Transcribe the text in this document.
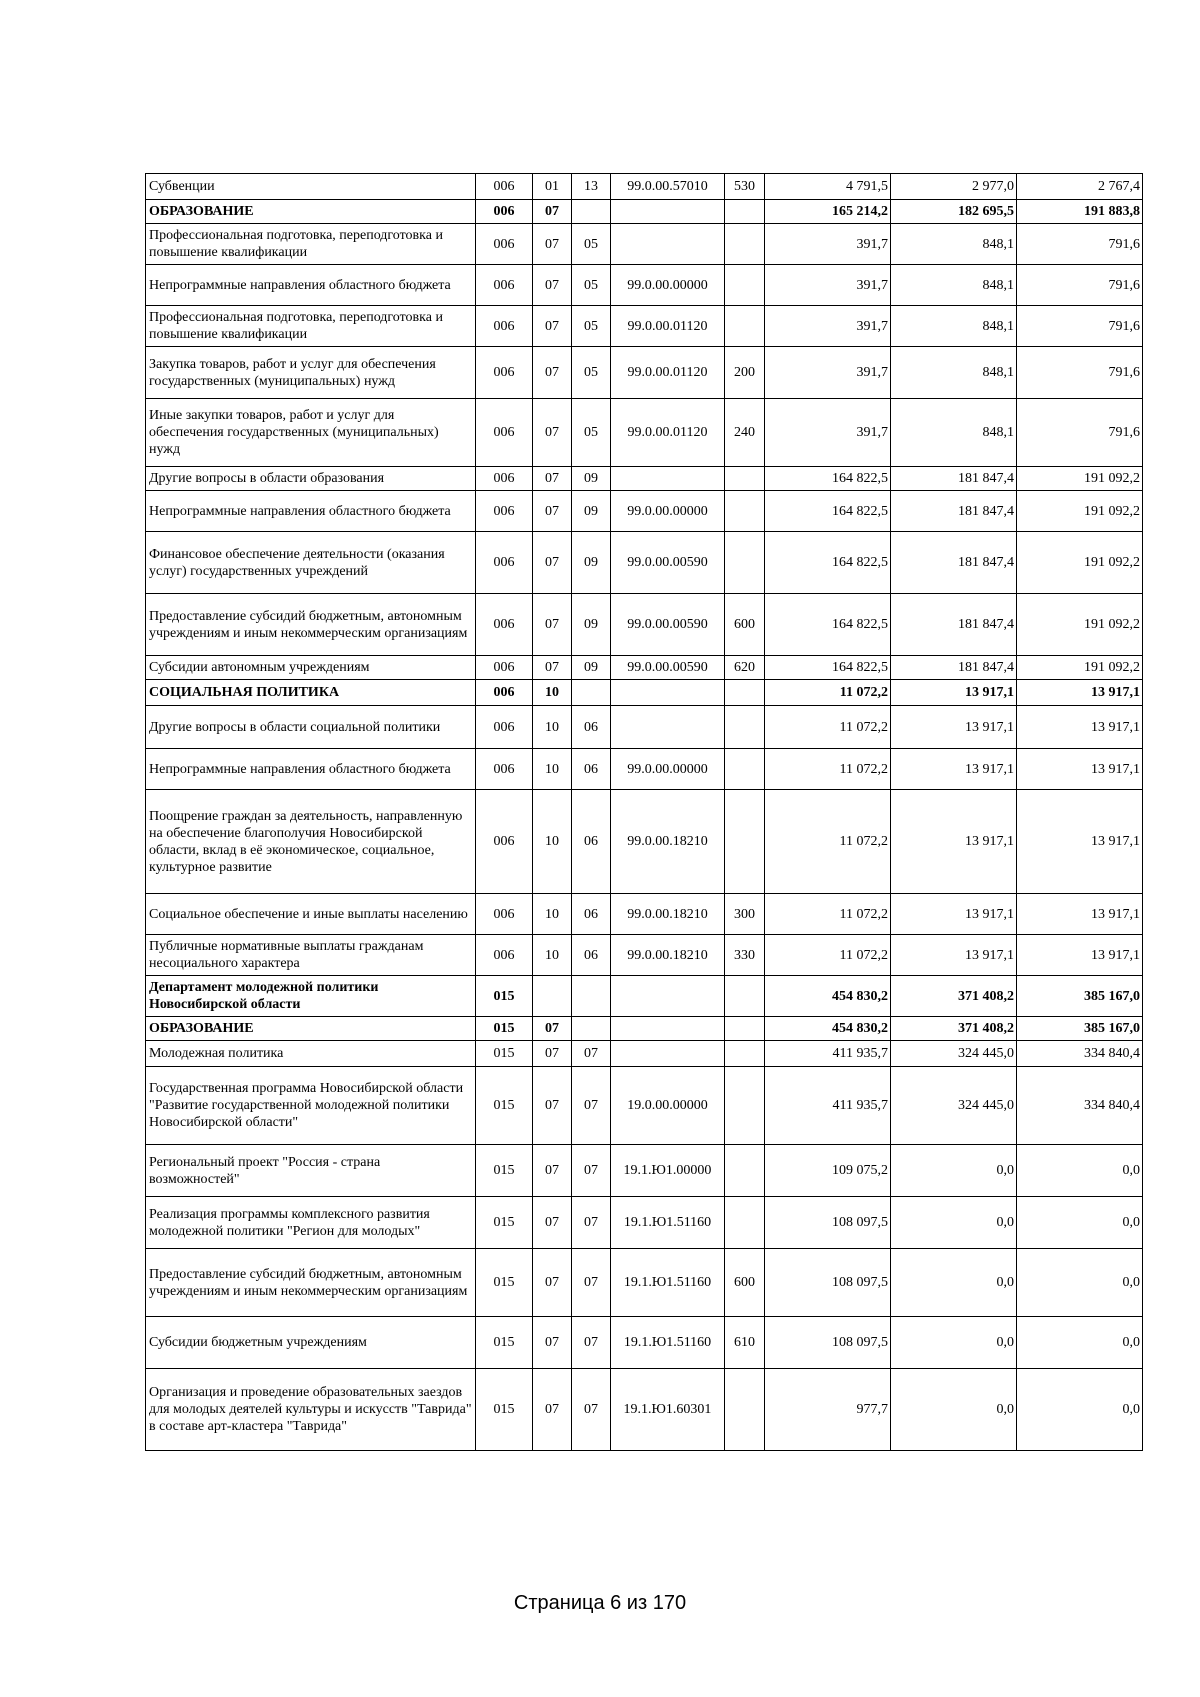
Субвенции	006	01	13	99.0.00.57010	530	4 791,5	2 977,0	2 767,4
ОБРАЗОВАНИЕ	006	07				165 214,2	182 695,5	191 883,8
Профессиональная подготовка, переподготовка и повышение квалификации	006	07	05			391,7	848,1	791,6
Непрограммные направления областного бюджета	006	07	05	99.0.00.00000		391,7	848,1	791,6
Профессиональная подготовка, переподготовка и повышение квалификации	006	07	05	99.0.00.01120		391,7	848,1	791,6
Закупка товаров, работ и услуг для обеспечения государственных (муниципальных) нужд	006	07	05	99.0.00.01120	200	391,7	848,1	791,6
Иные закупки товаров, работ и услуг для обеспечения государственных (муниципальных) нужд	006	07	05	99.0.00.01120	240	391,7	848,1	791,6
Другие вопросы в области образования	006	07	09			164 822,5	181 847,4	191 092,2
Непрограммные направления областного бюджета	006	07	09	99.0.00.00000		164 822,5	181 847,4	191 092,2
Финансовое обеспечение деятельности (оказания услуг) государственных учреждений	006	07	09	99.0.00.00590		164 822,5	181 847,4	191 092,2
Предоставление субсидий бюджетным, автономным учреждениям и иным некоммерческим организациям	006	07	09	99.0.00.00590	600	164 822,5	181 847,4	191 092,2
Субсидии автономным учреждениям	006	07	09	99.0.00.00590	620	164 822,5	181 847,4	191 092,2
СОЦИАЛЬНАЯ ПОЛИТИКА	006	10				11 072,2	13 917,1	13 917,1
Другие вопросы в области социальной политики	006	10	06			11 072,2	13 917,1	13 917,1
Непрограммные направления областного бюджета	006	10	06	99.0.00.00000		11 072,2	13 917,1	13 917,1
Поощрение граждан за деятельность, направленную на обеспечение благополучия Новосибирской области, вклад в её экономическое, социальное, культурное развитие	006	10	06	99.0.00.18210		11 072,2	13 917,1	13 917,1
Социальное обеспечение и иные выплаты населению	006	10	06	99.0.00.18210	300	11 072,2	13 917,1	13 917,1
Публичные нормативные выплаты гражданам несоциального характера	006	10	06	99.0.00.18210	330	11 072,2	13 917,1	13 917,1
Департамент молодежной политики Новосибирской области	015					454 830,2	371 408,2	385 167,0
ОБРАЗОВАНИЕ	015	07				454 830,2	371 408,2	385 167,0
Молодежная политика	015	07	07			411 935,7	324 445,0	334 840,4
Государственная программа Новосибирской области "Развитие государственной молодежной политики Новосибирской области"	015	07	07	19.0.00.00000		411 935,7	324 445,0	334 840,4
Региональный проект "Россия - страна возможностей"	015	07	07	19.1.Ю1.00000		109 075,2	0,0	0,0
Реализация программы комплексного развития молодежной политики "Регион для молодых"	015	07	07	19.1.Ю1.51160		108 097,5	0,0	0,0
Предоставление субсидий бюджетным, автономным учреждениям и иным некоммерческим организациям	015	07	07	19.1.Ю1.51160	600	108 097,5	0,0	0,0
Субсидии бюджетным учреждениям	015	07	07	19.1.Ю1.51160	610	108 097,5	0,0	0,0
Организация и проведение образовательных заездов для молодых деятелей культуры и искусств "Таврида" в составе арт-кластера "Таврида"	015	07	07	19.1.Ю1.60301		977,7	0,0	0,0
Страница 6 из 170
